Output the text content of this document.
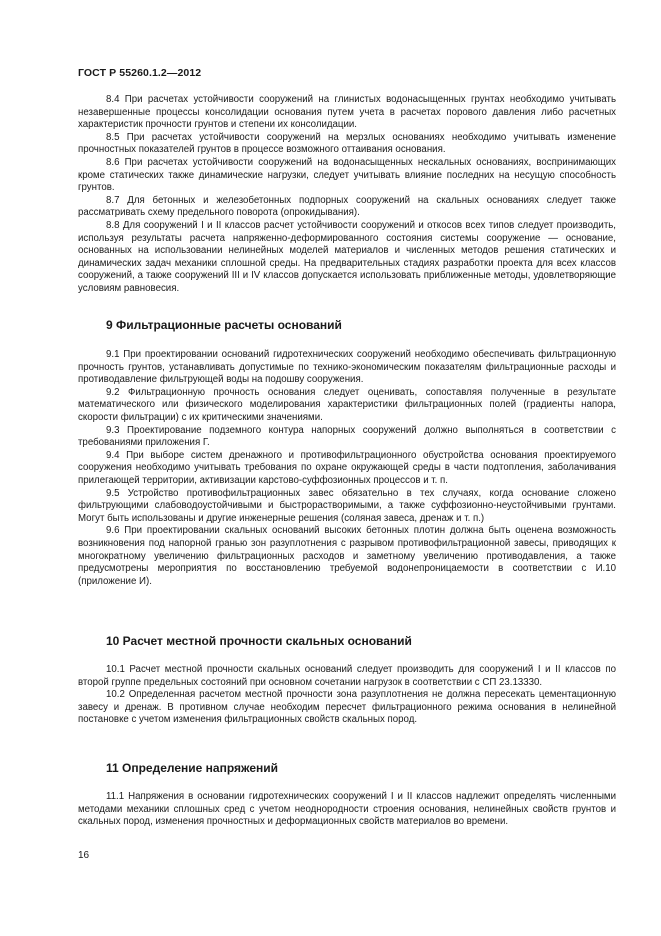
ГОСТ Р 55260.1.2—2012

8.4 При расчетах устойчивости сооружений на глинистых водонасыщенных грунтах необходимо учитывать незавершенные процессы консолидации основания путем учета в расчетах порового давления либо расчетных характеристик прочности грунтов и степени их консолидации.

8.5 При расчетах устойчивости сооружений на мерзлых основаниях необходимо учитывать изменение прочностных показателей грунтов в процессе возможного оттаивания основания.

8.6 При расчетах устойчивости сооружений на водонасыщенных нескальных основаниях, воспринимающих кроме статических также динамические нагрузки, следует учитывать влияние последних на несущую способность грунтов.

8.7 Для бетонных и железобетонных подпорных сооружений на скальных основаниях следует также рассматривать схему предельного поворота (опрокидывания).

8.8 Для сооружений I и II классов расчет устойчивости сооружений и откосов всех типов следует производить, используя результаты расчета напряженно-деформированного состояния системы сооружение — основание, основанных на использовании нелинейных моделей материалов и численных методов решения статических и динамических задач механики сплошной среды. На предварительных стадиях разработки проекта для всех классов сооружений, а также сооружений III и IV классов допускается использовать приближенные методы, удовлетворяющие условиям равновесия.

9 Фильтрационные расчеты оснований

9.1 При проектировании оснований гидротехнических сооружений необходимо обеспечивать фильтрационную прочность грунтов, устанавливать допустимые по технико-экономическим показателям фильтрационные расходы и противодавление фильтрующей воды на подошву сооружения.

9.2 Фильтрационную прочность основания следует оценивать, сопоставляя полученные в результате математического или физического моделирования характеристики фильтрационных полей (градиенты напора, скорости фильтрации) с их критическими значениями.

9.3 Проектирование подземного контура напорных сооружений должно выполняться в соответствии с требованиями приложения Г.

9.4 При выборе систем дренажного и противофильтрационного обустройства основания проектируемого сооружения необходимо учитывать требования по охране окружающей среды в части подтопления, заболачивания прилегающей территории, активизации карстово-суффозионных процессов и т. п.

9.5 Устройство противофильтрационных завес обязательно в тех случаях, когда основание сложено фильтрующими слабоводоустойчивыми и быстрорастворимыми, а также суффозионно-неустойчивыми грунтами. Могут быть использованы и другие инженерные решения (соляная завеса, дренаж и т. п.)

9.6 При проектировании скальных оснований высоких бетонных плотин должна быть оценена возможность возникновения под напорной гранью зон разуплотнения с разрывом противофильтрационной завесы, приводящих к многократному увеличению фильтрационных расходов и заметному увеличению противодавления, а также предусмотрены мероприятия по восстановлению требуемой водонепроницаемости в соответствии с И.10 (приложение И).

10 Расчет местной прочности скальных оснований

10.1 Расчет местной прочности скальных оснований следует производить для сооружений I и II классов по второй группе предельных состояний при основном сочетании нагрузок в соответствии с СП 23.13330.

10.2 Определенная расчетом местной прочности зона разуплотнения не должна пересекать цементационную завесу и дренаж. В противном случае необходим пересчет фильтрационного режима основания в нелинейной постановке с учетом изменения фильтрационных свойств скальных пород.

11 Определение напряжений

11.1 Напряжения в основании гидротехнических сооружений I и II классов надлежит определять численными методами механики сплошных сред с учетом неоднородности строения основания, нелинейных свойств грунтов и скальных пород, изменения прочностных и деформационных свойств материалов во времени.

16
